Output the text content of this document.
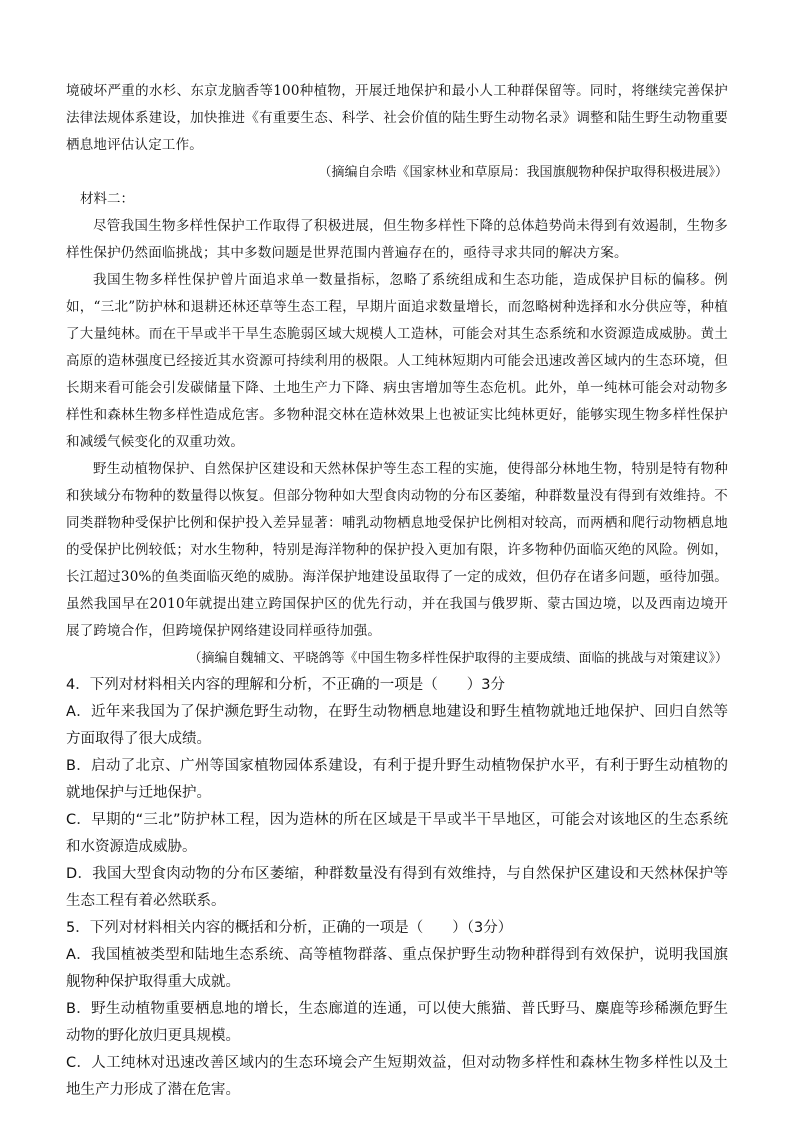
境破坏严重的水杉、东京龙脑香等100种植物，开展迁地保护和最小人工种群保留等。同时，将继续完善保护法律法规体系建设，加快推进《有重要生态、科学、社会价值的陆生野生动物名录》调整和陆生野生动物重要栖息地评估认定工作。

（摘编自佘晧《国家林业和草原局：我国旗舰物种保护取得积极进展》）

材料二：

尽管我国生物多样性保护工作取得了积极进展，但生物多样性下降的总体趋势尚未得到有效遏制，生物多样性保护仍然面临挑战；其中多数问题是世界范围内普遍存在的，亟待寻求共同的解决方案。

我国生物多样性保护曾片面追求单一数量指标，忽略了系统组成和生态功能，造成保护目标的偏移。例如，“三北”防护林和退耕还林还草等生态工程，早期片面追求数量增长，而忽略树种选择和水分供应等，种植了大量纯林。而在干旱或半干旱生态脆弱区域大规模人工造林，可能会对其生态系统和水资源造成威胁。黄土高原的造林强度已经接近其水资源可持续利用的极限。人工纯林短期内可能会迅速改善区域内的生态环境，但长期来看可能会引发碳储量下降、土地生产力下降、病虫害增加等生态危机。此外，单一纯林可能会对动物多样性和森林生物多样性造成危害。多物种混交林在造林效果上也被证实比纯林更好，能够实现生物多样性保护和减缓气候变化的双重功效。

野生动植物保护、自然保护区建设和天然林保护等生态工程的实施，使得部分林地生物，特别是特有物种和狭域分布物种的数量得以恢复。但部分物种如大型食肉动物的分布区萎缩，种群数量没有得到有效维持。不同类群物种受保护比例和保护投入差异显著：哺乳动物栖息地受保护比例相对较高，而两栖和爬行动物栖息地的受保护比例较低；对水生物种，特别是海洋物种的保护投入更加有限，许多物种仍面临灭绝的风险。例如，长江超过30%的鱼类面临灭绝的威胁。海洋保护地建设虽取得了一定的成效，但仍存在诸多问题，亟待加强。虽然我国早在2010年就提出建立跨国保护区的优先行动，并在我国与俄罗斯、蒙古国边境，以及西南边境开展了跨境合作，但跨境保护网络建设同样亟待加强。

（摘编自魏辅文、平晓鸽等《中国生物多样性保护取得的主要成绩、面临的挑战与对策建议》）

4．下列对材料相关内容的理解和分析，不正确的一项是（　　）3分

A．近年来我国为了保护濒危野生动物，在野生动物栖息地建设和野生植物就地迁地保护、回归自然等方面取得了很大成绩。

B．启动了北京、广州等国家植物园体系建设，有利于提升野生动植物保护水平，有利于野生动植物的就地保护与迁地保护。

C．早期的“三北”防护林工程，因为造林的所在区域是干旱或半干旱地区，可能会对该地区的生态系统和水资源造成威胁。

D．我国大型食肉动物的分布区萎缩，种群数量没有得到有效维持，与自然保护区建设和天然林保护等生态工程有着必然联系。

5．下列对材料相关内容的概括和分析，正确的一项是（　　）（3分）

A．我国植被类型和陆地生态系统、高等植物群落、重点保护野生动物种群得到有效保护，说明我国旗舰物种保护取得重大成就。

B．野生动植物重要栖息地的增长，生态廊道的连通，可以使大熊猫、普氏野马、麋鹿等珍稀濒危野生动物的野化放归更具规模。

C．人工纯林对迅速改善区域内的生态环境会产生短期效益，但对动物多样性和森林生物多样性以及土地生产力形成了潜在危害。
